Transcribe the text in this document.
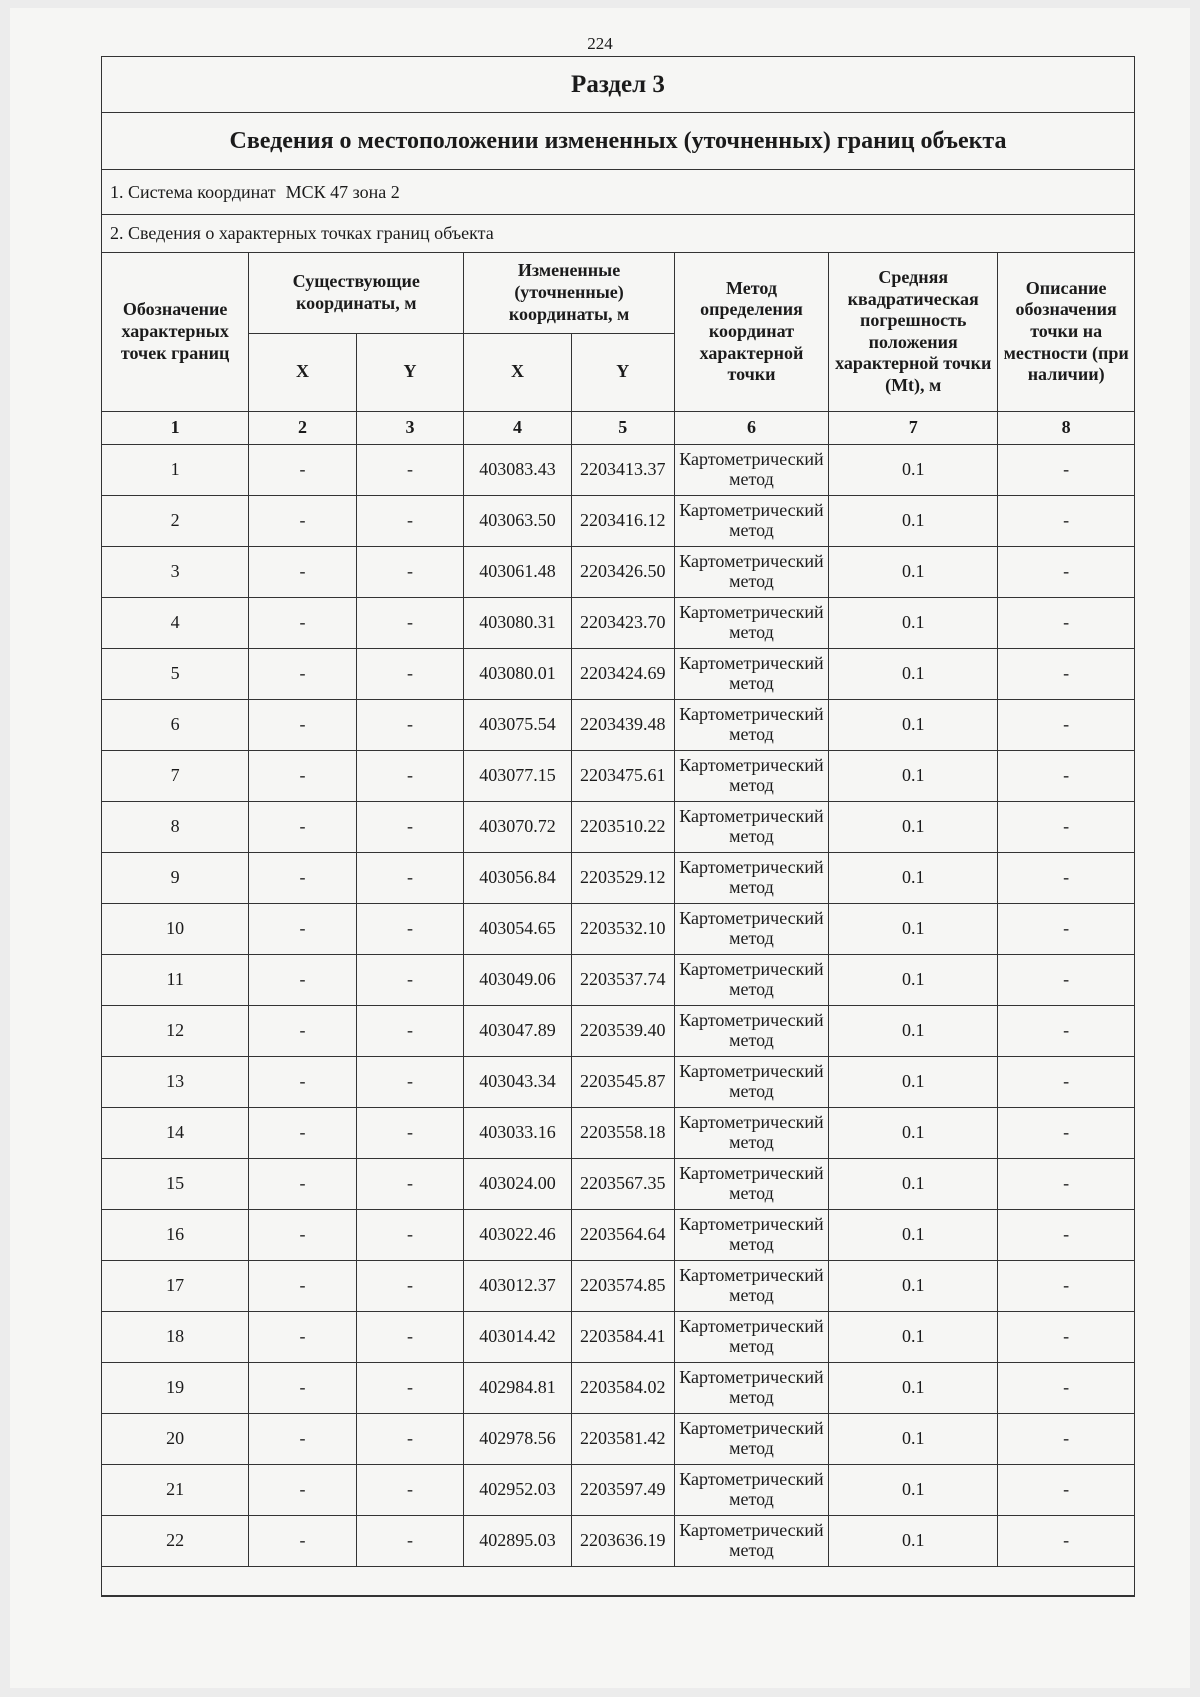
224
Раздел 3
Сведения о местоположении измененных (уточненных) границ объекта
1. Система координат МСК 47 зона 2
2. Сведения о характерных точках границ объекта
Обозначение характерных точек границ	Существующие координаты, м		Измененные (уточненные) координаты, м		Метод определения координат характерной точки	Средняя квадратическая погрешность положения характерной точки (Mt), м	Описание обозначения точки на местности (при наличии)
	X	Y	X	Y			
1	2	3	4	5	6	7	8
1	-	-	403083.43	2203413.37	Картометрический метод	0.1	-
2	-	-	403063.50	2203416.12	Картометрический метод	0.1	-
3	-	-	403061.48	2203426.50	Картометрический метод	0.1	-
4	-	-	403080.31	2203423.70	Картометрический метод	0.1	-
5	-	-	403080.01	2203424.69	Картометрический метод	0.1	-
6	-	-	403075.54	2203439.48	Картометрический метод	0.1	-
7	-	-	403077.15	2203475.61	Картометрический метод	0.1	-
8	-	-	403070.72	2203510.22	Картометрический метод	0.1	-
9	-	-	403056.84	2203529.12	Картометрический метод	0.1	-
10	-	-	403054.65	2203532.10	Картометрический метод	0.1	-
11	-	-	403049.06	2203537.74	Картометрический метод	0.1	-
12	-	-	403047.89	2203539.40	Картометрический метод	0.1	-
13	-	-	403043.34	2203545.87	Картометрический метод	0.1	-
14	-	-	403033.16	2203558.18	Картометрический метод	0.1	-
15	-	-	403024.00	2203567.35	Картометрический метод	0.1	-
16	-	-	403022.46	2203564.64	Картометрический метод	0.1	-
17	-	-	403012.37	2203574.85	Картометрический метод	0.1	-
18	-	-	403014.42	2203584.41	Картометрический метод	0.1	-
19	-	-	402984.81	2203584.02	Картометрический метод	0.1	-
20	-	-	402978.56	2203581.42	Картометрический метод	0.1	-
21	-	-	402952.03	2203597.49	Картометрический метод	0.1	-
22	-	-	402895.03	2203636.19	Картометрический метод	0.1	-
